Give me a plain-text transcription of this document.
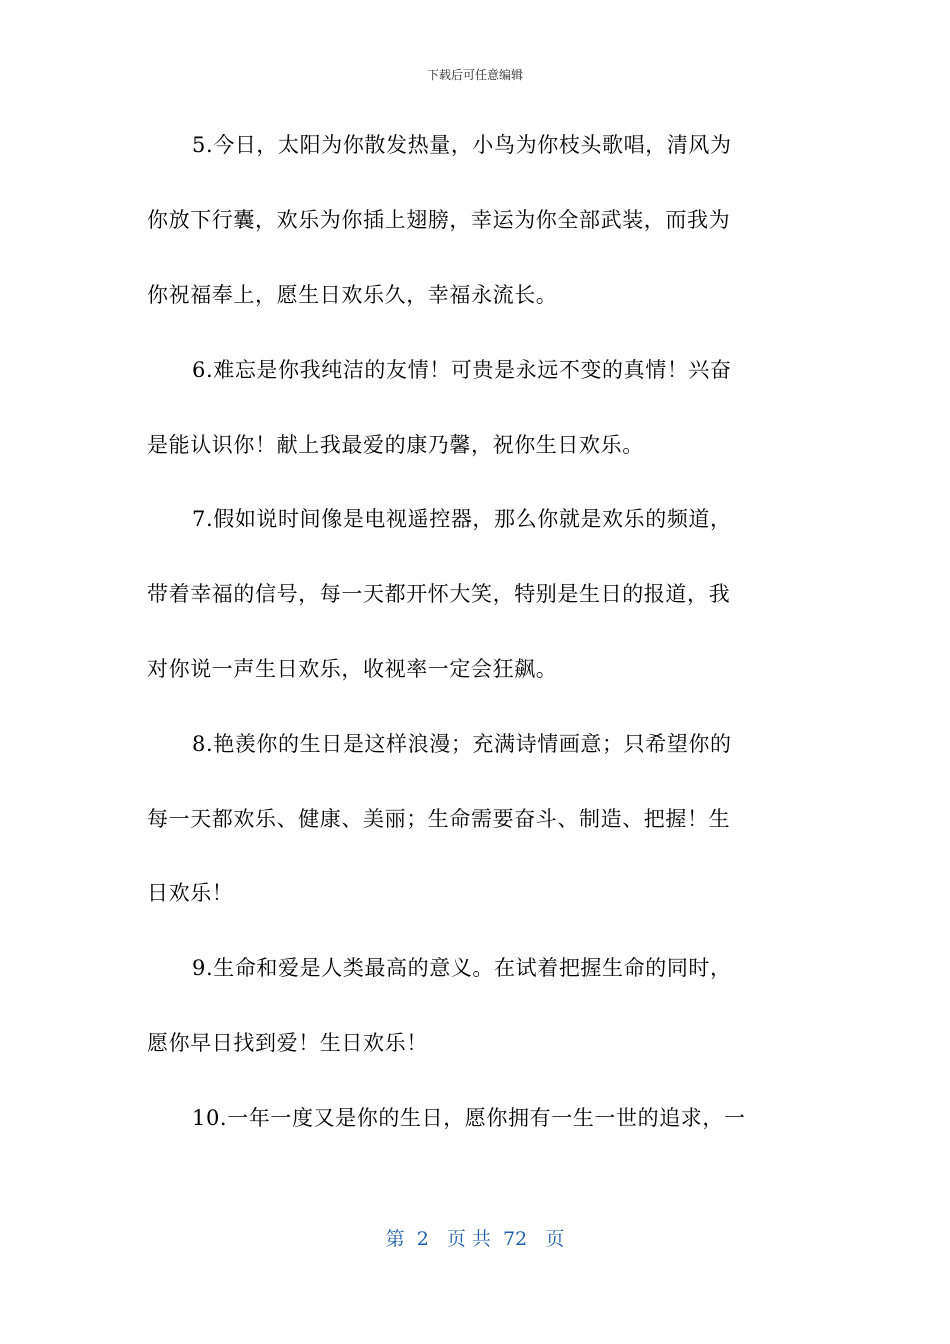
下载后可任意编辑
5.今日，太阳为你散发热量，小鸟为你枝头歌唱，清风为
你放下行囊，欢乐为你插上翅膀，幸运为你全部武装，而我为
你祝福奉上，愿生日欢乐久，幸福永流长。
6.难忘是你我纯洁的友情！可贵是永远不变的真情！兴奋
是能认识你！献上我最爱的康乃馨，祝你生日欢乐。
7.假如说时间像是电视遥控器，那么你就是欢乐的频道，
带着幸福的信号，每一天都开怀大笑，特别是生日的报道，我
对你说一声生日欢乐，收视率一定会狂飙。
8.艳羡你的生日是这样浪漫；充满诗情画意；只希望你的
每一天都欢乐、健康、美丽；生命需要奋斗、制造、把握！生
日欢乐！
9.生命和爱是人类最高的意义。在试着把握生命的同时，
愿你早日找到爱！生日欢乐！
10.一年一度又是你的生日，愿你拥有一生一世的追求，一
第  2   页 共  72   页
